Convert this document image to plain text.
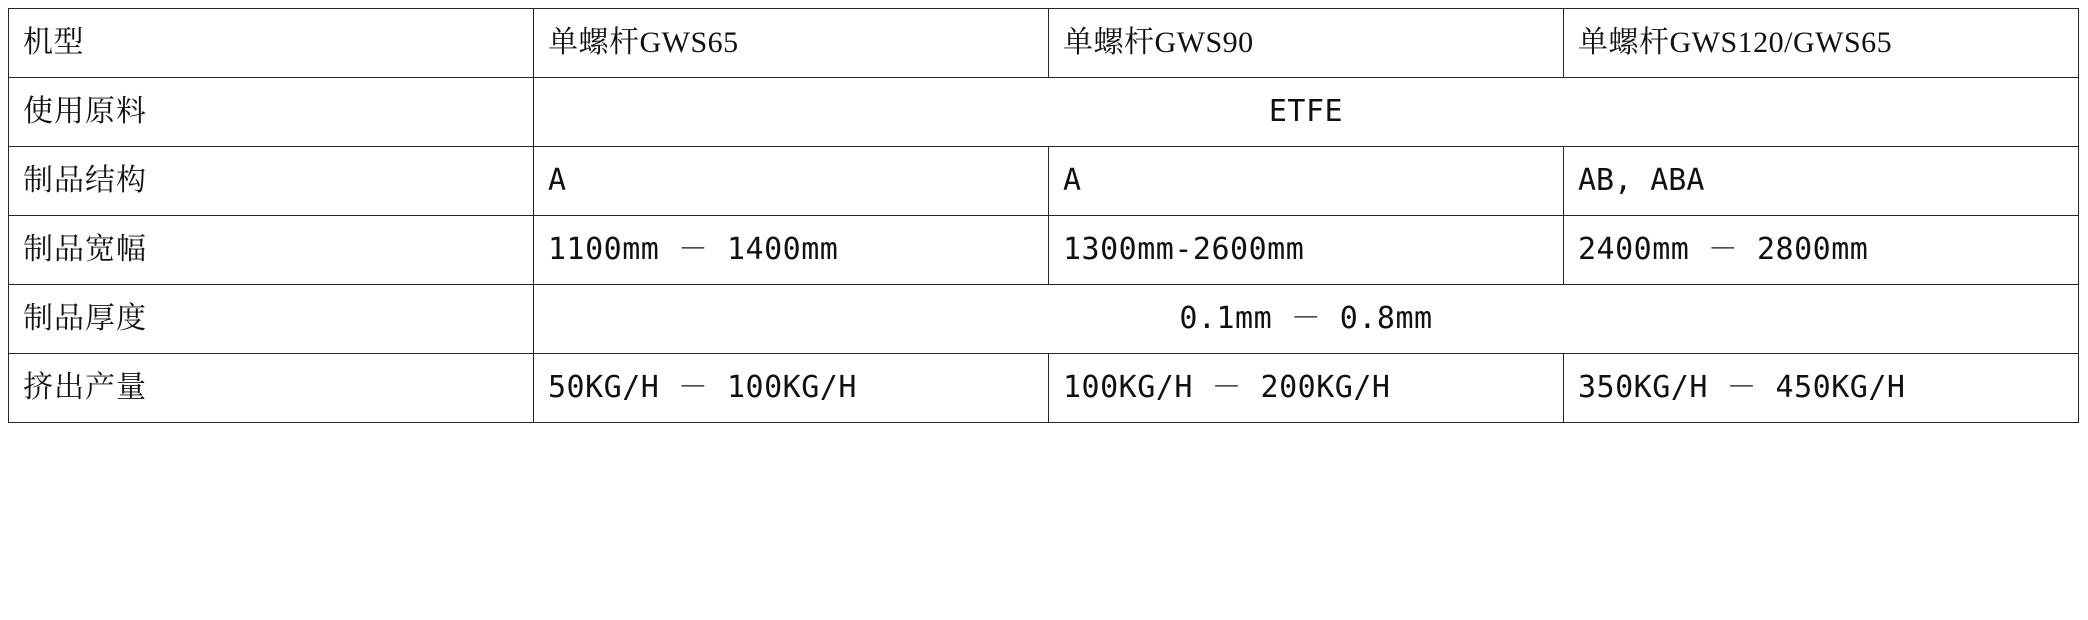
机型	单螺杆GWS65	单螺杆GWS90	单螺杆GWS120/GWS65
使用原料	ETFE		
制品结构	A	A	AB, ABA
制品宽幅	1100mm － 1400mm	1300mm-2600mm	2400mm － 2800mm
制品厚度	0.1mm － 0.8mm		
挤出产量	50KG/H － 100KG/H	100KG/H － 200KG/H	350KG/H － 450KG/H
